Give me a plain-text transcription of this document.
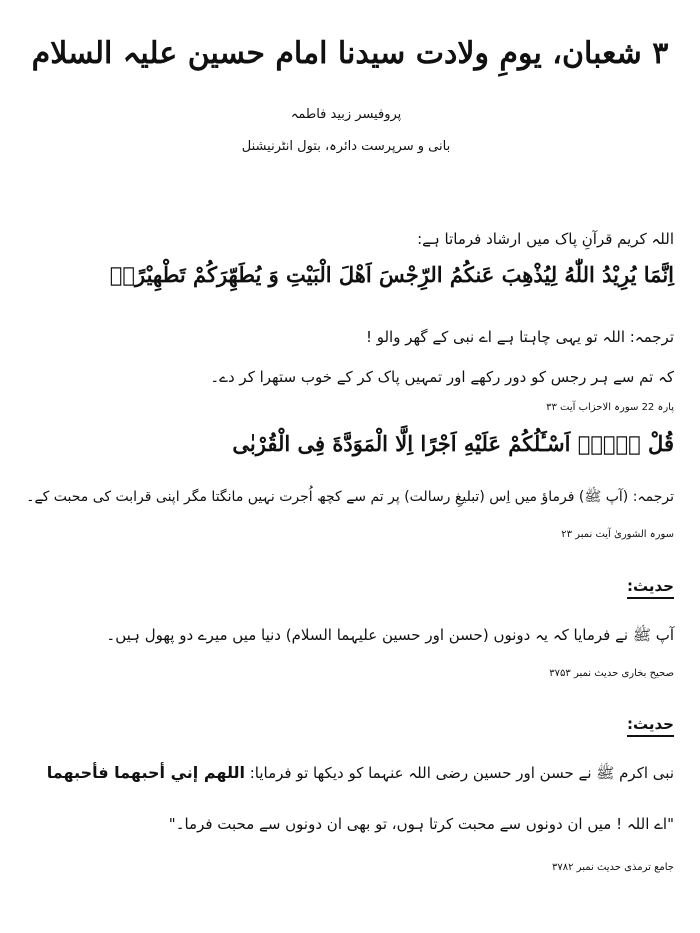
۳ شعبان، یومِ ولادت سیدنا امام حسین علیہ السلام
پروفیسر زبید فاطمہ
بانی و سرپرست دائرہ، بتول انٹرنیشنل
اللہ کریم قرآنِ پاک میں ارشاد فرماتا ہے:
اِنَّمَا يُرِيْدُ اللّٰهُ لِيُذْهِبَ عَنكُمُ الرِّجْسَ اَهْلَ الْبَيْتِ وَ يُطَهِّرَكُمْ تَطْهِيْرًاۚ
ترجمہ: اللہ تو یہی چاہتا ہے اے نبی کے گھر والو !
کہ تم سے ہر رجس کو دور رکھے اور تمہیں پاک کر کے خوب ستھرا کر دے۔
پارہ 22 سورہ الاحزاب آیت ۳۳
قُلْ لَّاۤ اَسْـَٔلُكُمْ عَلَيْهِ اَجْرًا اِلَّا الْمَوَدَّةَ فِى الْقُرْبٰى
ترجمہ: (آپ ﷺ) فرماؤ میں اِس (تبلیغِ رسالت) پر تم سے کچھ اُجرت نہیں مانگتا مگر اپنی قرابت کی محبت کے۔
سورہ الشوریٰ آیت نمبر ۲۳
حدیث:
آپ ﷺ نے فرمایا کہ یہ دونوں (حسن اور حسین علیہما السلام) دنیا میں میرے دو پھول ہیں۔
صحیح بخاری حدیث نمبر ۳۷۵۳
حدیث:
نبی اکرم ﷺ نے حسن اور حسین رضی اللہ عنہما کو دیکھا تو فرمایا: اللهم إني أحبهما فأحبهما
"اے اللہ ! میں ان دونوں سے محبت کرتا ہوں، تو بھی ان دونوں سے محبت فرما۔"
جامع ترمذی حدیث نمبر ۳۷۸۲
